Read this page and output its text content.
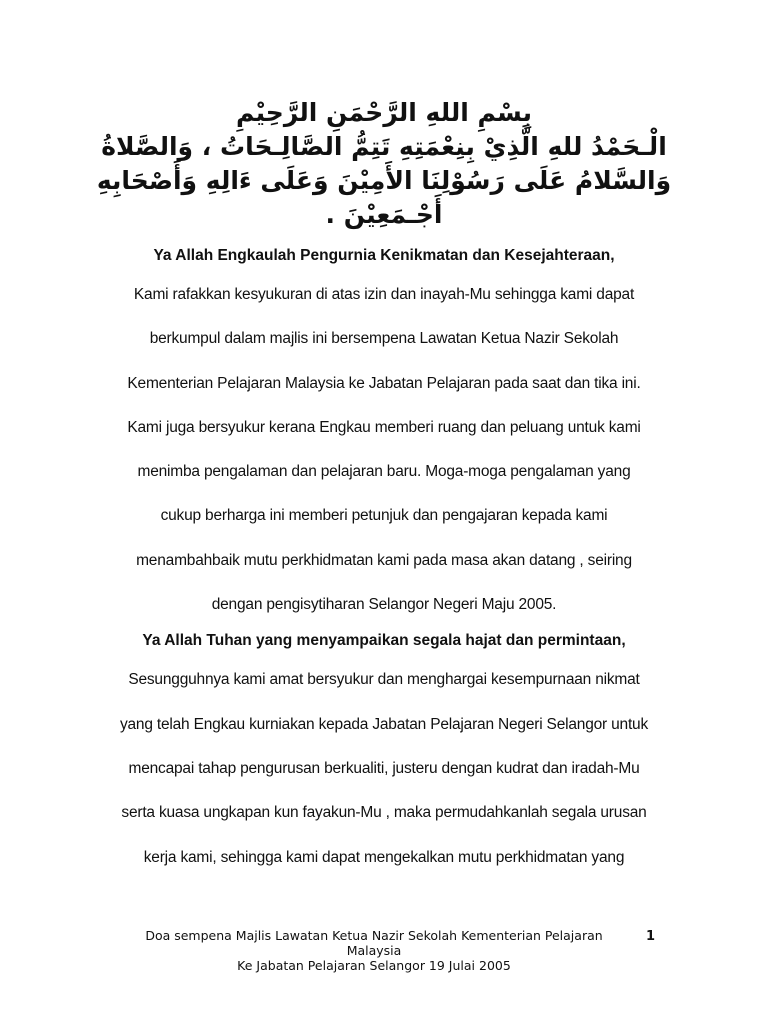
بِسْمِ اللهِ الرَّحْمَنِ الرَّحِيْمِ
الْـحَمْدُ للهِ الَّذِيْ بِنِعْمَتِهِ تَتِمُّ الصَّالِـحَاتُ ، وَالصَّلاةُ
وَالسَّلامُ عَلَى رَسُوْلِنَا الأَمِيْنَ وَعَلَى ءَالِهِ وَأَصْحَابِهِ
أَجْـمَعِيْنَ .
Ya Allah Engkaulah Pengurnia Kenikmatan dan Kesejahteraan,
Kami rafakkan kesyukuran di atas izin dan inayah-Mu sehingga kami dapat
berkumpul dalam majlis ini bersempena Lawatan Ketua Nazir Sekolah
Kementerian Pelajaran Malaysia ke Jabatan Pelajaran pada saat dan tika ini.
Kami juga bersyukur kerana Engkau memberi ruang dan peluang untuk kami
menimba pengalaman dan pelajaran baru. Moga-moga pengalaman yang
cukup berharga ini memberi petunjuk dan pengajaran kepada kami
menambahbaik mutu perkhidmatan kami pada masa akan datang , seiring
dengan pengisytiharan Selangor Negeri Maju 2005.
Ya Allah Tuhan yang menyampaikan segala hajat dan permintaan,
Sesungguhnya kami amat bersyukur dan menghargai kesempurnaan nikmat
yang telah Engkau kurniakan kepada Jabatan Pelajaran Negeri Selangor untuk
mencapai tahap pengurusan berkualiti, justeru dengan kudrat dan iradah-Mu
serta kuasa ungkapan kun fayakun-Mu , maka permudahkanlah segala urusan
kerja kami, sehingga kami dapat mengekalkan mutu perkhidmatan yang
Doa sempena Majlis Lawatan Ketua Nazir Sekolah Kementerian Pelajaran
Malaysia
Ke Jabatan Pelajaran Selangor 19 Julai 2005
1
